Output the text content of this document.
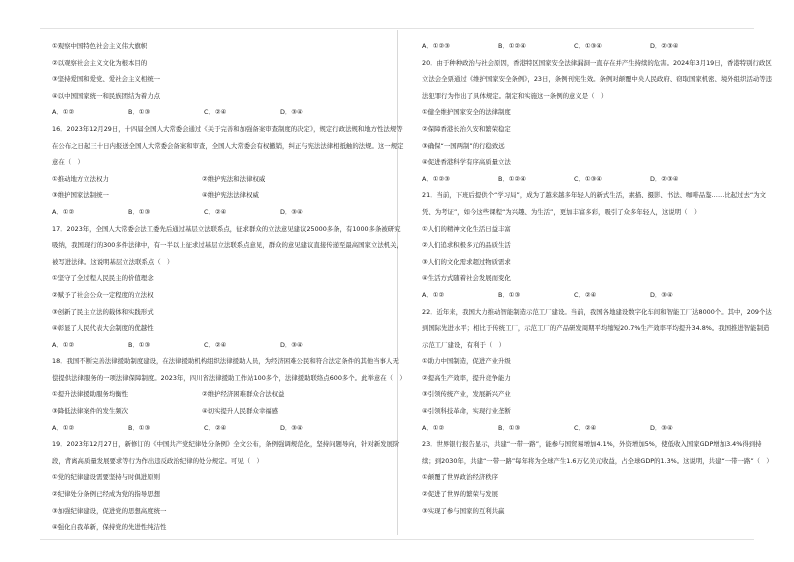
①观察中国特色社会主义伟大旗帜
②以观察社会主义文化为根本目的
③坚持爱国和爱党、爱社会主义相统一
④以中国国家统一和民族团结为着力点
A．①②	B．①③	C．②④	D．③④
16．2023年12月29日，十四届全国人大常委会通过《关于完善和加强备案审查制度的决定》，规定行政法规和地方性法规等在公布之日起三十日内报送全国人大常委会备案和审查，全国人大常委会有权撤销，纠正与宪法法律相抵触的法规。这一规定意在（　）
①推动地方立法权力	②维护宪法和法律权威
③维护国家法制统一	④维护宪法法律权威
A．①②	B．①③	C．②④	D．③④
17．2023年，全国人大常委会法工委先后通过基层立法联系点，征求群众的立法意见建议25000多条，有1000多条被研究吸纳，我国现行的300多件法律中，有一半以上征求过基层立法联系点意见，群众的意见建议直接传递至最高国家立法机关，被写进法律。这说明基层立法联系点（　）
①坚守了全过程人民民主的价值理念
②赋予了社会公众一定程度的立法权
③创新了民主立法的载体和实践形式
④彰显了人民代表大会制度的优越性
A．①②	B．①③	C．②④	D．③④
18．我国不断完善法律援助制度建设，在法律援助机构组织法律援助人员，为经济困难公民和符合法定条件的其他当事人无偿提供法律服务的一项法律保障制度。2023年，四川省法律援助工作站100多个，法律援助联络点600多个。此举意在（　）
①提升法律援助服务均衡性	②维护经济困难群众合法权益
③降低法律案件的发生频次	④切实提升人民群众幸福感
A．①②	B．①③	C．②④	D．③④
19．2023年12月27日，新修订的《中国共产党纪律处分条例》全文公布，条例强调规范化，坚持问题导向，针对新发展阶段，背离高质量发展要求等行为作出违反政治纪律的处分规定。可见（　）
①党的纪律建设需要坚持与时俱进原则
②纪律处分条例已经成为党的指导思想
③加强纪律建设，促进党的思想高度统一
④强化自我革新，保持党的先进性纯洁性
A．①②③	B．①②④	C．①③④	D．②③④
20．由于种种政治与社会原因，香港特区国家安全法律漏洞一直存在并产生持续的危害。2024年3月19日，香港特别行政区立法会全票通过《维护国家安全条例》，23日，条例刊宪生效。条例对颠覆中央人民政府、窃取国家机密、境外组织活动等违法犯罪行为作出了具体规定。制定和实施这一条例的意义是（　）
①健全维护国家安全的法律制度
②保障香港长治久安和繁荣稳定
③确保“一国两制”的行稳致远
④促进香港科学有序高质量立法
A．①②③	B．①②④	C．①③④	D．②③④
21．当前，下班后提供个“学习局”，成为了越来越多年轻人的新式生活，素描、摄影、书法、咖啡品鉴……比起过去“为文凭、为考证”，如今这些课程“为兴趣、为生活”，更加丰富多彩，吸引了众多年轻人，这说明（　）
①人们的精神文化生活日益丰富
②人们追求积极多元的品质生活
③人们的文化需求超过物质需求
④生活方式随着社会发展而变化
A．①②	B．①③	C．②④	D．③④
22．近年来，我国大力推动智能制造示范工厂建设。当前，我国各地建设数字化车间和智能工厂达8000个。其中，209个达到国际先进水平；相比于传统工厂，示范工厂的产品研发周期平均缩短20.7%生产效率平均提升34.8%。我国推进智能制造示范工厂建设，有利于（　）
①助力中国制造，促进产业升级
②提高生产效率，提升竞争能力
③引领传统产业，发展新兴产业
④引领科技革命，实现行业垄断
A．①②	B．①③	C．②④	D．③④
23．世界银行报告显示，共建“一带一路”，能参与国贸易增加4.1%，外资增加5%，使低收入国家GDP增加3.4%得到持续；到2030年，共建“一带一路”每年将为全球产生1.6万亿美元收益，占全球GDP的1.3%。这说明，共建“一带一路”（　）
①颠覆了世界政治经济秩序
②促进了世界的繁荣与发展
③实现了参与国家的互利共赢
